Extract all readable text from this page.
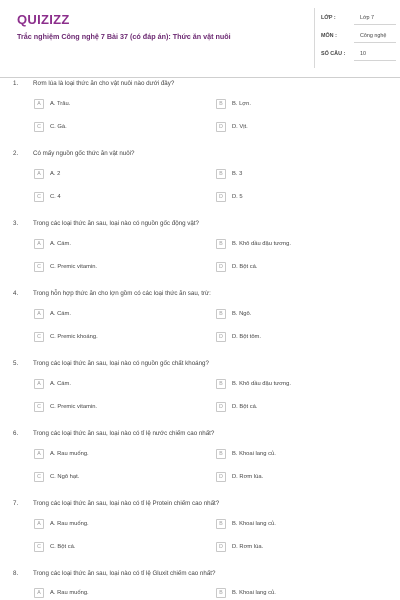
QUIZIZZ
Trắc nghiệm Công nghệ 7 Bài 37 (có đáp án): Thức ăn vật nuôi
LỚP :	Lớp 7
MÔN :	Công nghệ
SỐ CÂU :	10
1. Rơm lúa là loại thức ăn cho vật nuôi nào dưới đây?
A	A. Trâu.	B	B. Lợn.
C	C. Gà.	D	D. Vịt.
2. Có mấy nguồn gốc thức ăn vật nuôi?
A	A. 2	B	B. 3
C	C. 4	D	D. 5
3. Trong các loại thức ăn sau, loại nào có nguồn gốc động vật?
A	A. Cám.	B	B. Khô dầu đậu tương.
C	C. Premic vitamin.	D	D. Bột cá.
4. Trong hỗn hợp thức ăn cho lợn gồm có các loại thức ăn sau, trừ:
A	A. Cám.	B	B. Ngô.
C	C. Premic khoáng.	D	D. Bột tôm.
5. Trong các loại thức ăn sau, loại nào có nguồn gốc chất khoáng?
A	A. Cám.	B	B. Khô dầu đậu tương.
C	C. Premic vitamin.	D	D. Bột cá.
6. Trong các loại thức ăn sau, loại nào có tỉ lệ nước chiếm cao nhất?
A	A. Rau muống.	B	B. Khoai lang củ.
C	C. Ngô hạt.	D	D. Rơm lúa.
7. Trong các loại thức ăn sau, loại nào có tỉ lệ Protein chiếm cao nhất?
A	A. Rau muống.	B	B. Khoai lang củ.
C	C. Bột cá.	D	D. Rơm lúa.
8. Trong các loại thức ăn sau, loại nào có tỉ lệ Gluxit chiếm cao nhất?
A	A. Rau muống.	B	B. Khoai lang củ.
